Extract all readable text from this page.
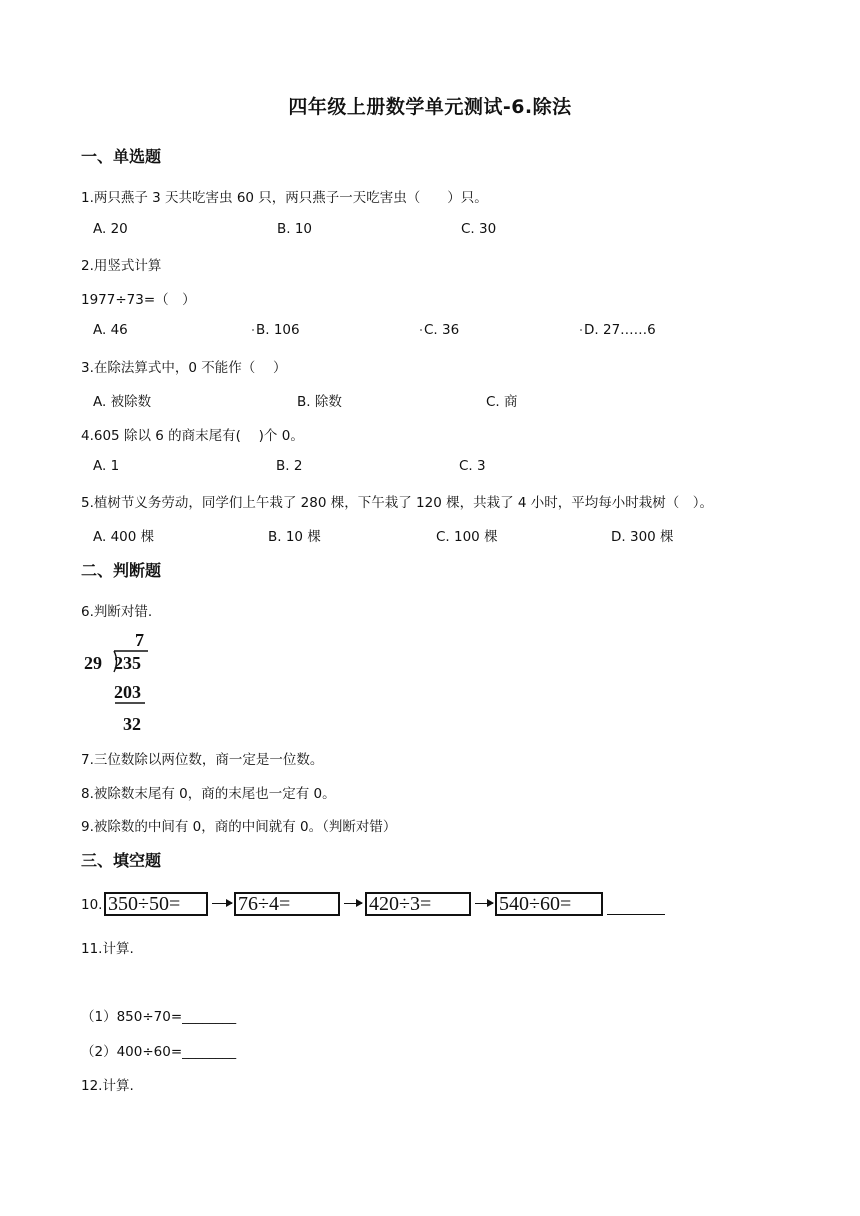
四年级上册数学单元测试-6.除法
一、单选题
1.两只燕子 3 天共吃害虫 60 只，两只燕子一天吃害虫（　　）只。
A. 20	B. 10	C. 30
2.用竖式计算
1977÷73=（　）
A. 46	B. 106	C. 36	D. 27……6
3.在除法算式中，0 不能作（　 ）
A. 被除数	B. 除数	C. 商
4.605 除以 6 的商末尾有(　 )个 0。
A. 1	B. 2	C. 3
5.植树节义务劳动，同学们上午栽了 280 棵，下午栽了 120 棵，共栽了 4 小时，平均每小时栽树（　）。
A. 400 棵	B. 10 棵	C. 100 棵	D. 300 棵
二、判断题
6.判断对错.
7
29 235
203
32
7.三位数除以两位数，商一定是一位数。
8.被除数末尾有 0，商的末尾也一定有 0。
9.被除数的中间有 0，商的中间就有 0。（判断对错）
三、填空题
10. 350÷50=	76÷4=	420÷3=	540÷60=
11.计算.
（1）850÷70=________
（2）400÷60=________
12.计算.
